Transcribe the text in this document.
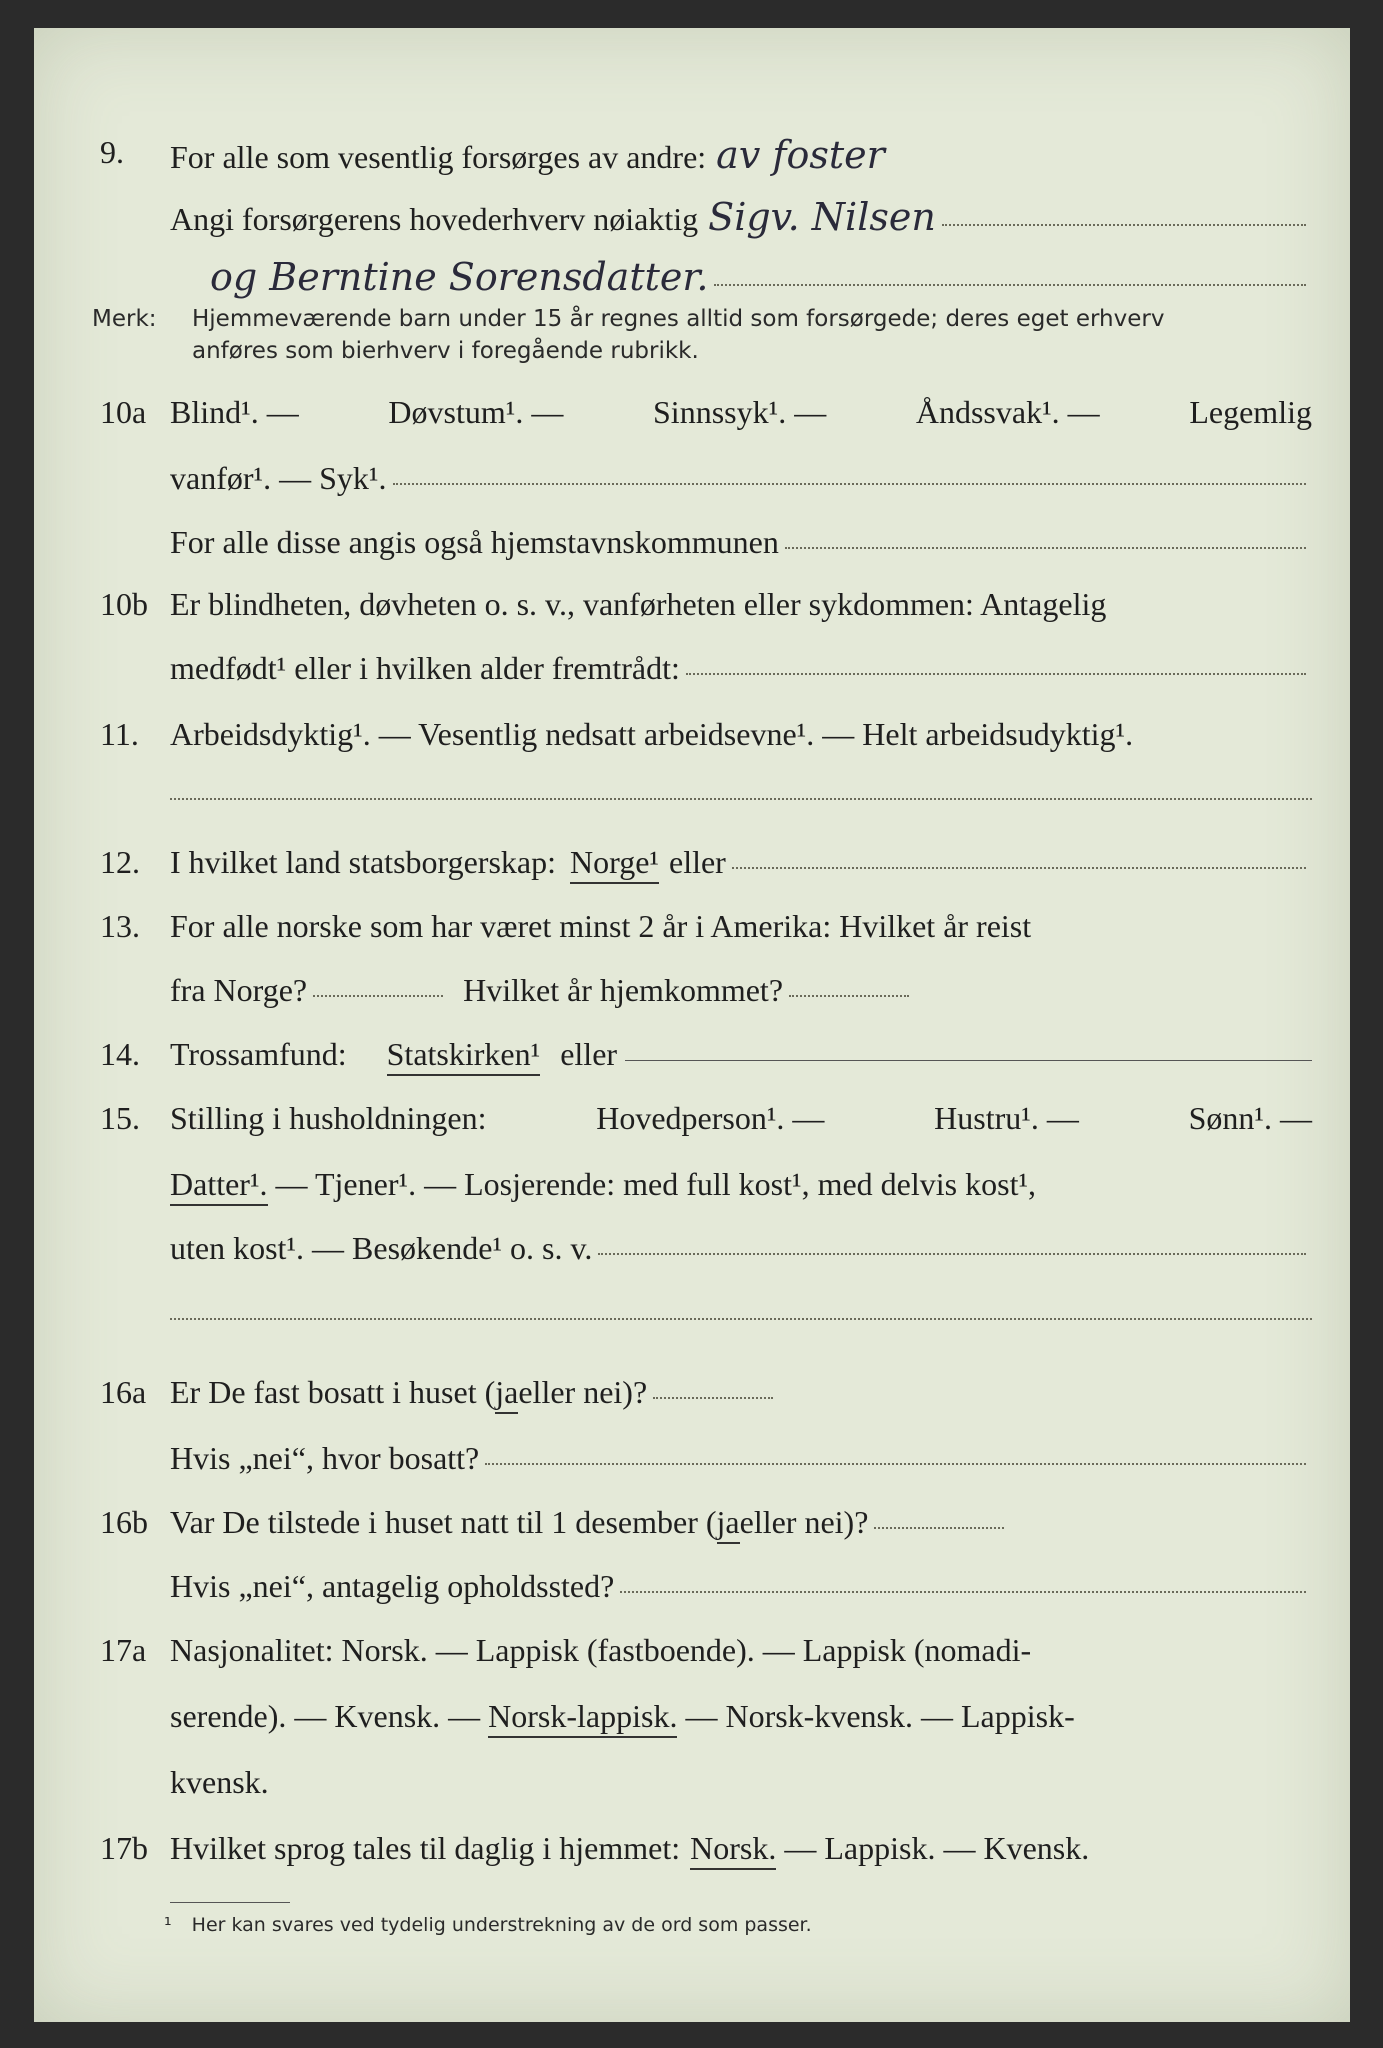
9.	For alle som vesentlig forsørges av andre: av foster
Angi forsørgerens hovederhverv nøiaktig Sigv. Nilsen
og Berntine Sorensdatter.
Merk: Hjemmeværende barn under 15 år regnes alltid som forsørgede; deres eget erhverv
anføres som bierhverv i foregående rubrikk.
10a Blind¹. —	Døvstum¹. —	Sinnssyk¹. —	Åndssvak¹. —	Legemlig
vanfør¹. — Syk¹.
For alle disse angis også hjemstavnskommunen
10b Er blindheten, døvheten o. s. v., vanførheten eller sykdommen: Antagelig
medfødt¹ eller i hvilken alder fremtrådt:
11. Arbeidsdyktig¹. — Vesentlig nedsatt arbeidsevne¹. — Helt arbeidsudyktig¹.
12. I hvilket land statsborgerskap: Norge¹ eller
13. For alle norske som har været minst 2 år i Amerika: Hvilket år reist
fra Norge?	Hvilket år hjemkommet?
14. Trossamfund: Statskirken¹ eller
15. Stilling i husholdningen:	Hovedperson¹. —	Hustru¹. —	Sønn¹. —
Datter¹. — Tjener¹. — Losjerende: med full kost¹, med delvis kost¹,
uten kost¹. — Besøkende¹ o. s. v.
16a Er De fast bosatt i huset ( ja eller nei)?
Hvis „nei“, hvor bosatt?
16b Var De tilstede i huset natt til 1 desember ( ja eller nei)?
Hvis „nei“, antagelig opholdssted?
17a Nasjonalitet: Norsk. — Lappisk (fastboende). — Lappisk (nomadi-
serende). — Kvensk. — Norsk-lappisk. — Norsk-kvensk. — Lappisk-
kvensk.
17b Hvilket sprog tales til daglig i hjemmet: Norsk. — Lappisk. — Kvensk.
¹ Her kan svares ved tydelig understrekning av de ord som passer.
